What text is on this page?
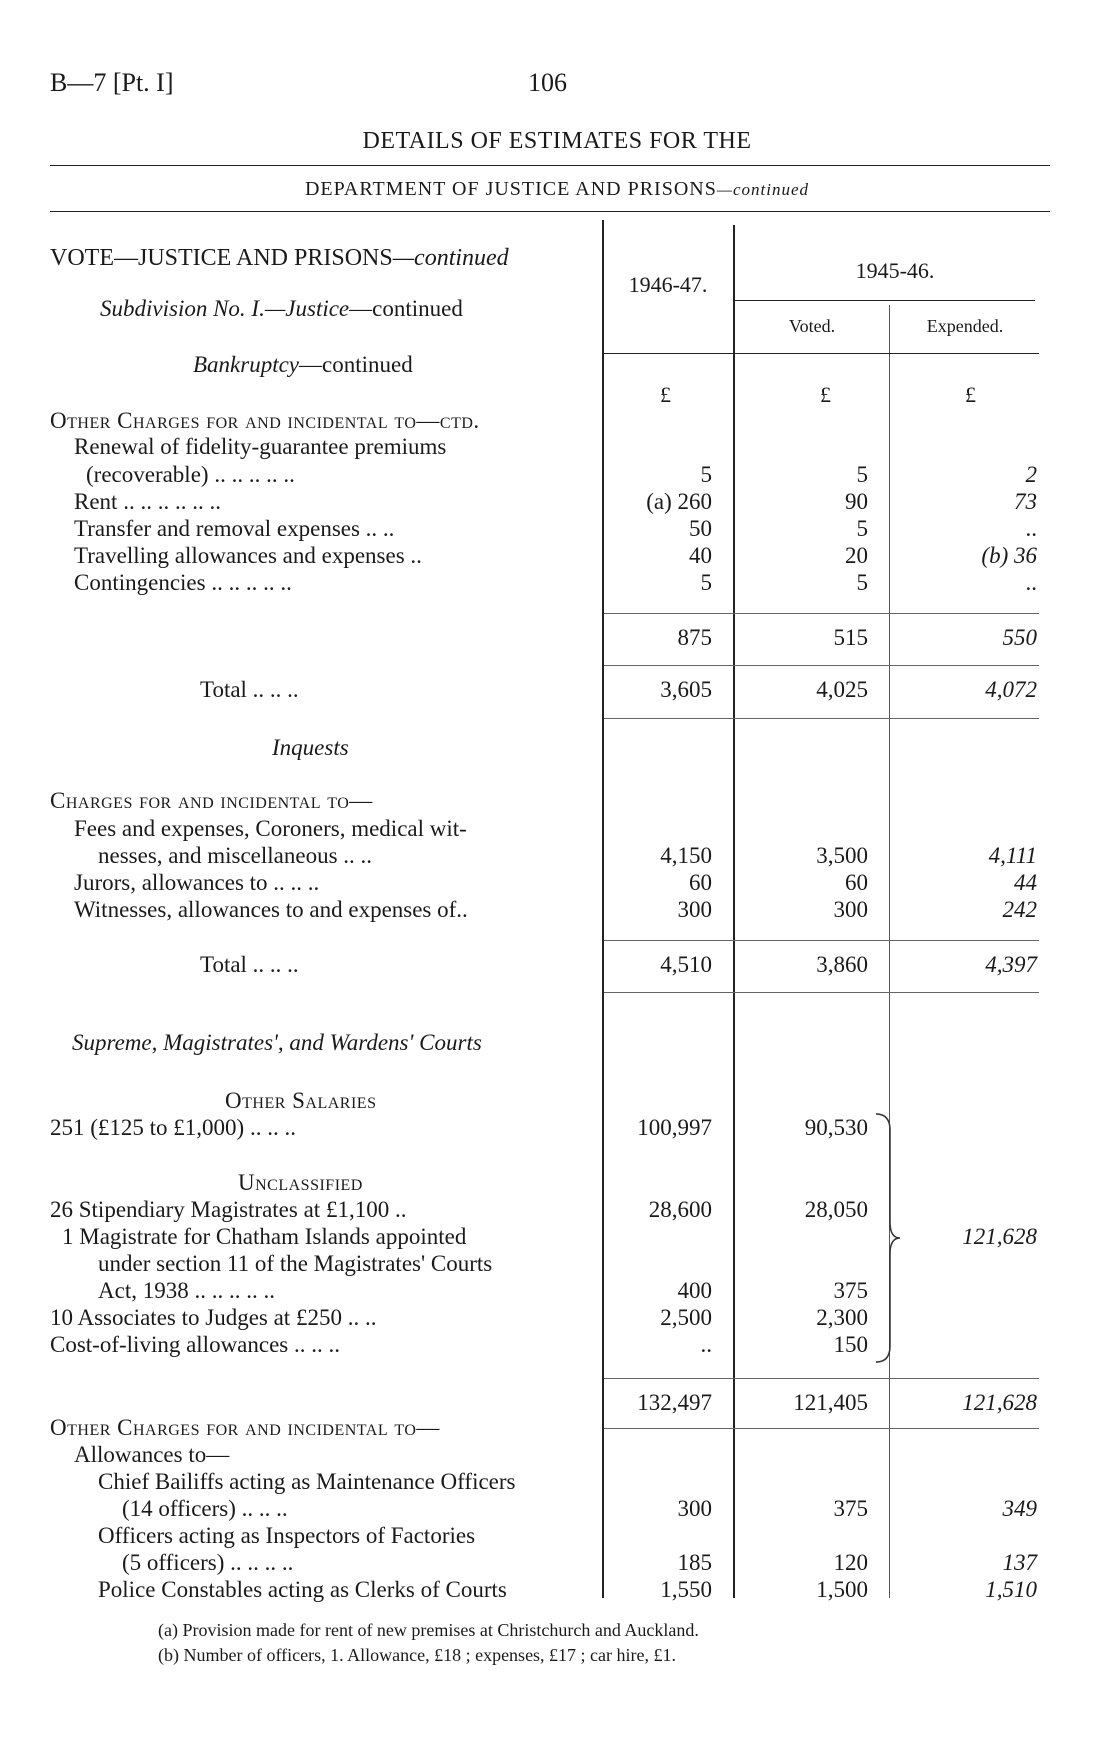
B—7 [Pt. I]	106
DETAILS OF ESTIMATES FOR THE
DEPARTMENT OF JUSTICE AND PRISONS—continued
VOTE—JUSTICE AND PRISONS—continued
Subdivision No. I.—Justice—continued
Bankruptcy—continued
1946-47.
1945-46.
Voted.	Expended.
£	£	£
Other Charges for and incidental to—ctd.
Renewal of fidelity-guarantee premiums
(recoverable) .. .. .. .. ..	5	5	2
Rent .. .. .. .. .. ..	(a) 260	90	73
Transfer and removal expenses .. ..	50	5	..
Travelling allowances and expenses ..	40	20	(b) 36
Contingencies .. .. .. .. ..	5	5	..
875	515	550
Total .. .. ..	3,605	4,025	4,072
Inquests
Charges for and incidental to—
Fees and expenses, Coroners, medical wit-
nesses, and miscellaneous .. ..	4,150	3,500	4,111
Jurors, allowances to .. .. ..	60	60	44
Witnesses, allowances to and expenses of..	300	300	242
Total .. .. ..	4,510	3,860	4,397
Supreme, Magistrates', and Wardens' Courts
Other Salaries
251 (£125 to £1,000) .. .. ..	100,997	90,530
Unclassified
26 Stipendiary Magistrates at £1,100 ..	28,600	28,050
1 Magistrate for Chatham Islands appointed
under section 11 of the Magistrates' Courts
Act, 1938 .. .. .. .. ..	400	375
10 Associates to Judges at £250 .. ..	2,500	2,300
Cost-of-living allowances .. .. ..	..	150
121,628
132,497	121,405	121,628
Other Charges for and incidental to—
Allowances to—
Chief Bailiffs acting as Maintenance Officers
(14 officers) .. .. ..	300	375	349
Officers acting as Inspectors of Factories
(5 officers) .. .. .. ..	185	120	137
Police Constables acting as Clerks of Courts	1,550	1,500	1,510
(a) Provision made for rent of new premises at Christchurch and Auckland.
(b) Number of officers, 1. Allowance, £18 ; expenses, £17 ; car hire, £1.
